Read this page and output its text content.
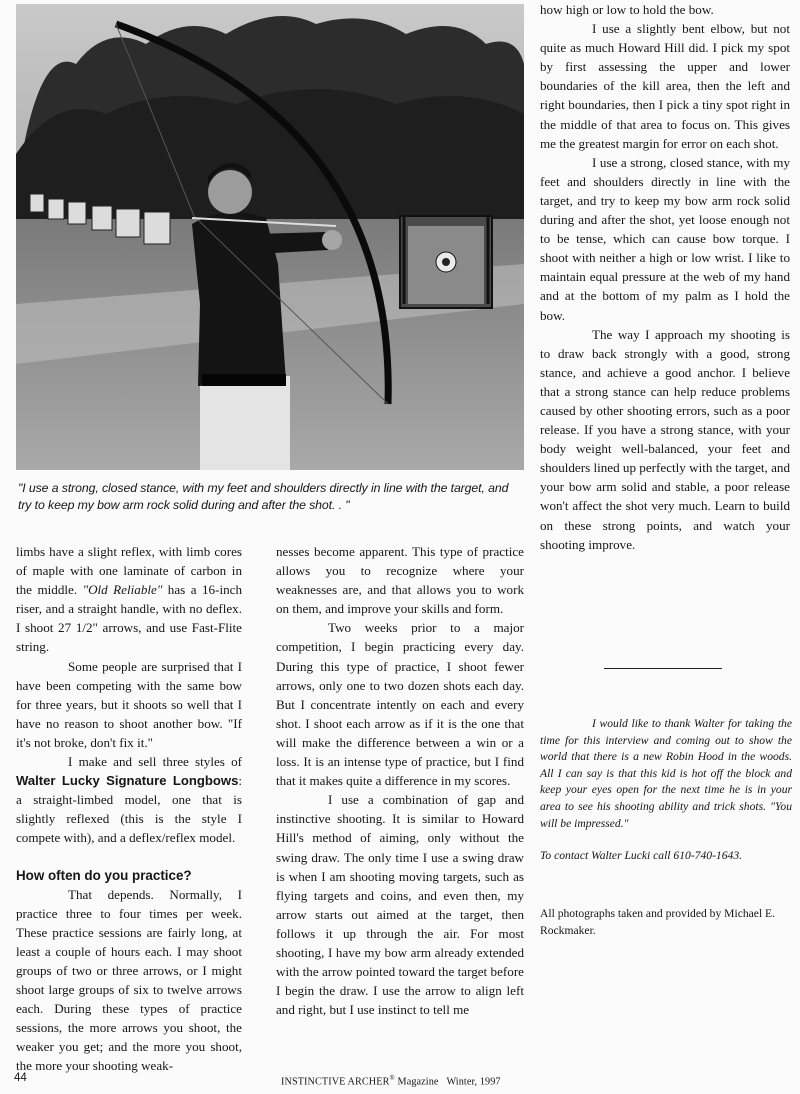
"I use a strong, closed stance, with my feet and shoulders directly in line with the target, and try to keep my bow arm rock solid during and after the shot. . "

limbs have a slight reflex, with limb cores of maple with one laminate of carbon in the middle. "Old Reliable" has a 16-inch riser, and a straight handle, with no deflex. I shoot 27 1/2" arrows, and use Fast-Flite string.

Some people are surprised that I have been competing with the same bow for three years, but it shoots so well that I have no reason to shoot another bow. "If it's not broke, don't fix it."

I make and sell three styles of Walter Lucky Signature Longbows: a straight-limbed model, one that is slightly reflexed (this is the style I compete with), and a deflex/reflex model.

How often do you practice?

That depends. Normally, I practice three to four times per week. These practice sessions are fairly long, at least a couple of hours each. I may shoot groups of two or three arrows, or I might shoot large groups of six to twelve arrows each. During these types of practice sessions, the more arrows you shoot, the weaker you get; and the more you shoot, the more your shooting weak-

nesses become apparent. This type of practice allows you to recognize where your weaknesses are, and that allows you to work on them, and improve your skills and form.

Two weeks prior to a major competition, I begin practicing every day. During this type of practice, I shoot fewer arrows, only one to two dozen shots each day. But I concentrate intently on each and every shot. I shoot each arrow as if it is the one that will make the difference between a win or a loss. It is an intense type of practice, but I find that it makes quite a difference in my scores.

I use a combination of gap and instinctive shooting. It is similar to Howard Hill's method of aiming, only without the swing draw. The only time I use a swing draw is when I am shooting moving targets, such as flying targets and coins, and even then, my arrow starts out aimed at the target, then follows it up through the air. For most shooting, I have my bow arm already extended with the arrow pointed toward the target before I begin the draw. I use the arrow to align left and right, but I use instinct to tell me

how high or low to hold the bow.

I use a slightly bent elbow, but not quite as much Howard Hill did. I pick my spot by first assessing the upper and lower boundaries of the kill area, then the left and right boundaries, then I pick a tiny spot right in the middle of that area to focus on. This gives me the greatest margin for error on each shot.

I use a strong, closed stance, with my feet and shoulders directly in line with the target, and try to keep my bow arm rock solid during and after the shot, yet loose enough not to be tense, which can cause bow torque. I shoot with neither a high or low wrist. I like to maintain equal pressure at the web of my hand and at the bottom of my palm as I hold the bow.

The way I approach my shooting is to draw back strongly with a good, strong stance, and achieve a good anchor. I believe that a strong stance can help reduce problems caused by other shooting errors, such as a poor release. If you have a strong stance, with your body weight well-balanced, your feet and shoulders lined up perfectly with the target, and your bow arm solid and stable, a poor release won't affect the shot very much. Learn to build on these strong points, and watch your shooting improve.

I would like to thank Walter for taking the time for this interview and coming out to show the world that there is a new Robin Hood in the woods. All I can say is that this kid is hot off the block and keep your eyes open for the next time he is in your area to see his shooting ability and trick shots. "You will be impressed."

To contact Walter Lucki call 610-740-1643.
All photographs taken and provided by Michael E. Rockmaker.
44	INSTINCTIVE ARCHER® Magazine Winter, 1997
